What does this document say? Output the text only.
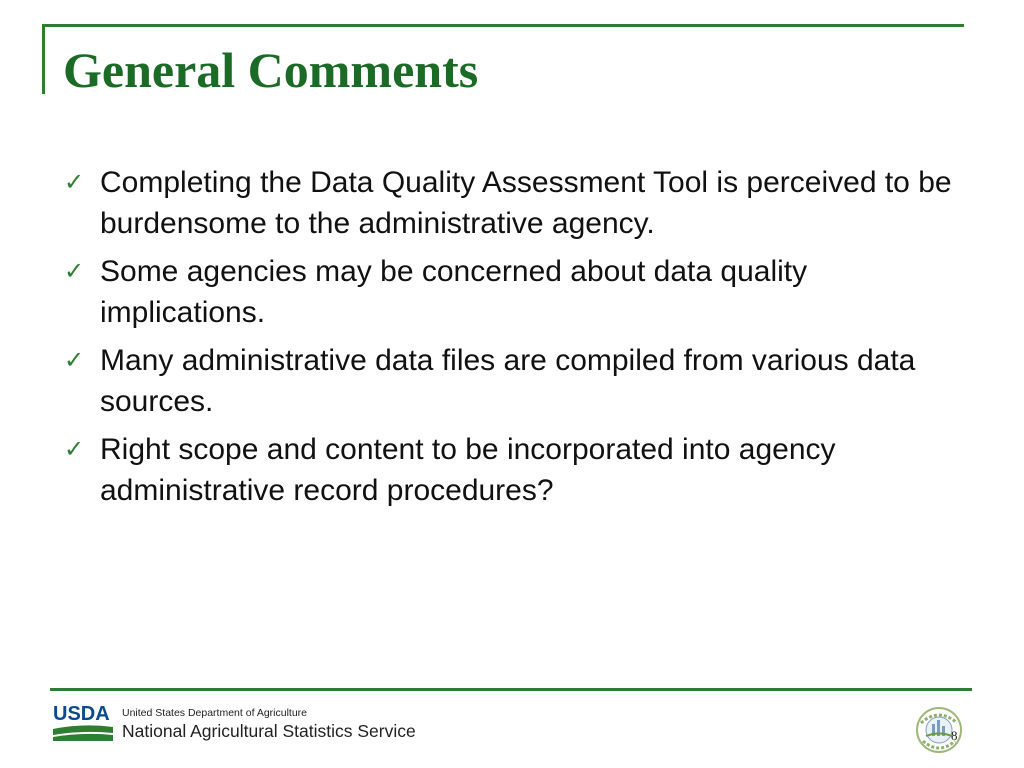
General Comments
✓ Completing the Data Quality Assessment Tool is perceived to be burdensome to the administrative agency.
✓ Some agencies may be concerned about data quality implications.
✓ Many administrative data files are compiled from various data sources.
✓ Right scope and content to be incorporated into agency administrative record procedures?
USDA United States Department of Agriculture
National Agricultural Statistics Service	8
